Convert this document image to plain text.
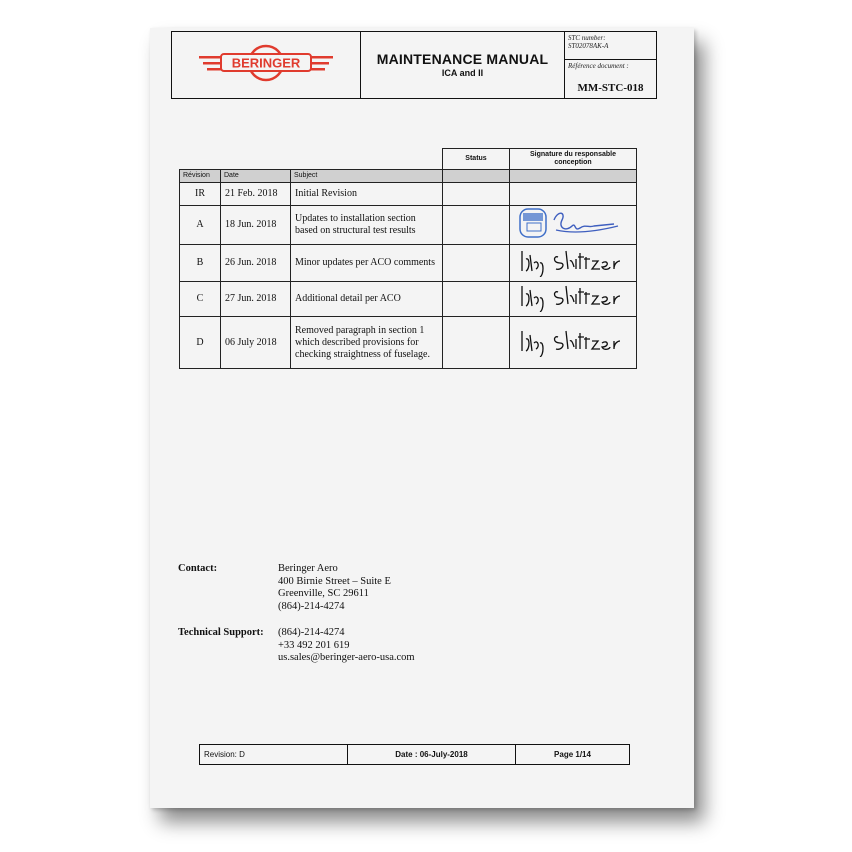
BERINGER	MAINTENANCE MANUAL
ICA and II
STC number:
ST02078AK-A
Référence document :
MM-STC-018
			Status	Signature du responsable conception
Révision	Date	Subject		
IR	21 Feb. 2018	Initial Revision		
A	18 Jun. 2018	Updates to installation section based on structural test results		
B	26 Jun. 2018	Minor updates per ACO comments		
C	27 Jun. 2018	Additional detail per ACO		
D	06 July 2018	Removed paragraph in section 1 which described provisions for checking straightness of fuselage.		
Contact:	Beringer Aero
400 Birnie Street – Suite E
Greenville, SC 29611
(864)-214-4274
Technical Support:	(864)-214-4274
+33 492 201 619
us.sales@beringer-aero-usa.com
Revision: D	Date : 06-July-2018	Page 1/14
